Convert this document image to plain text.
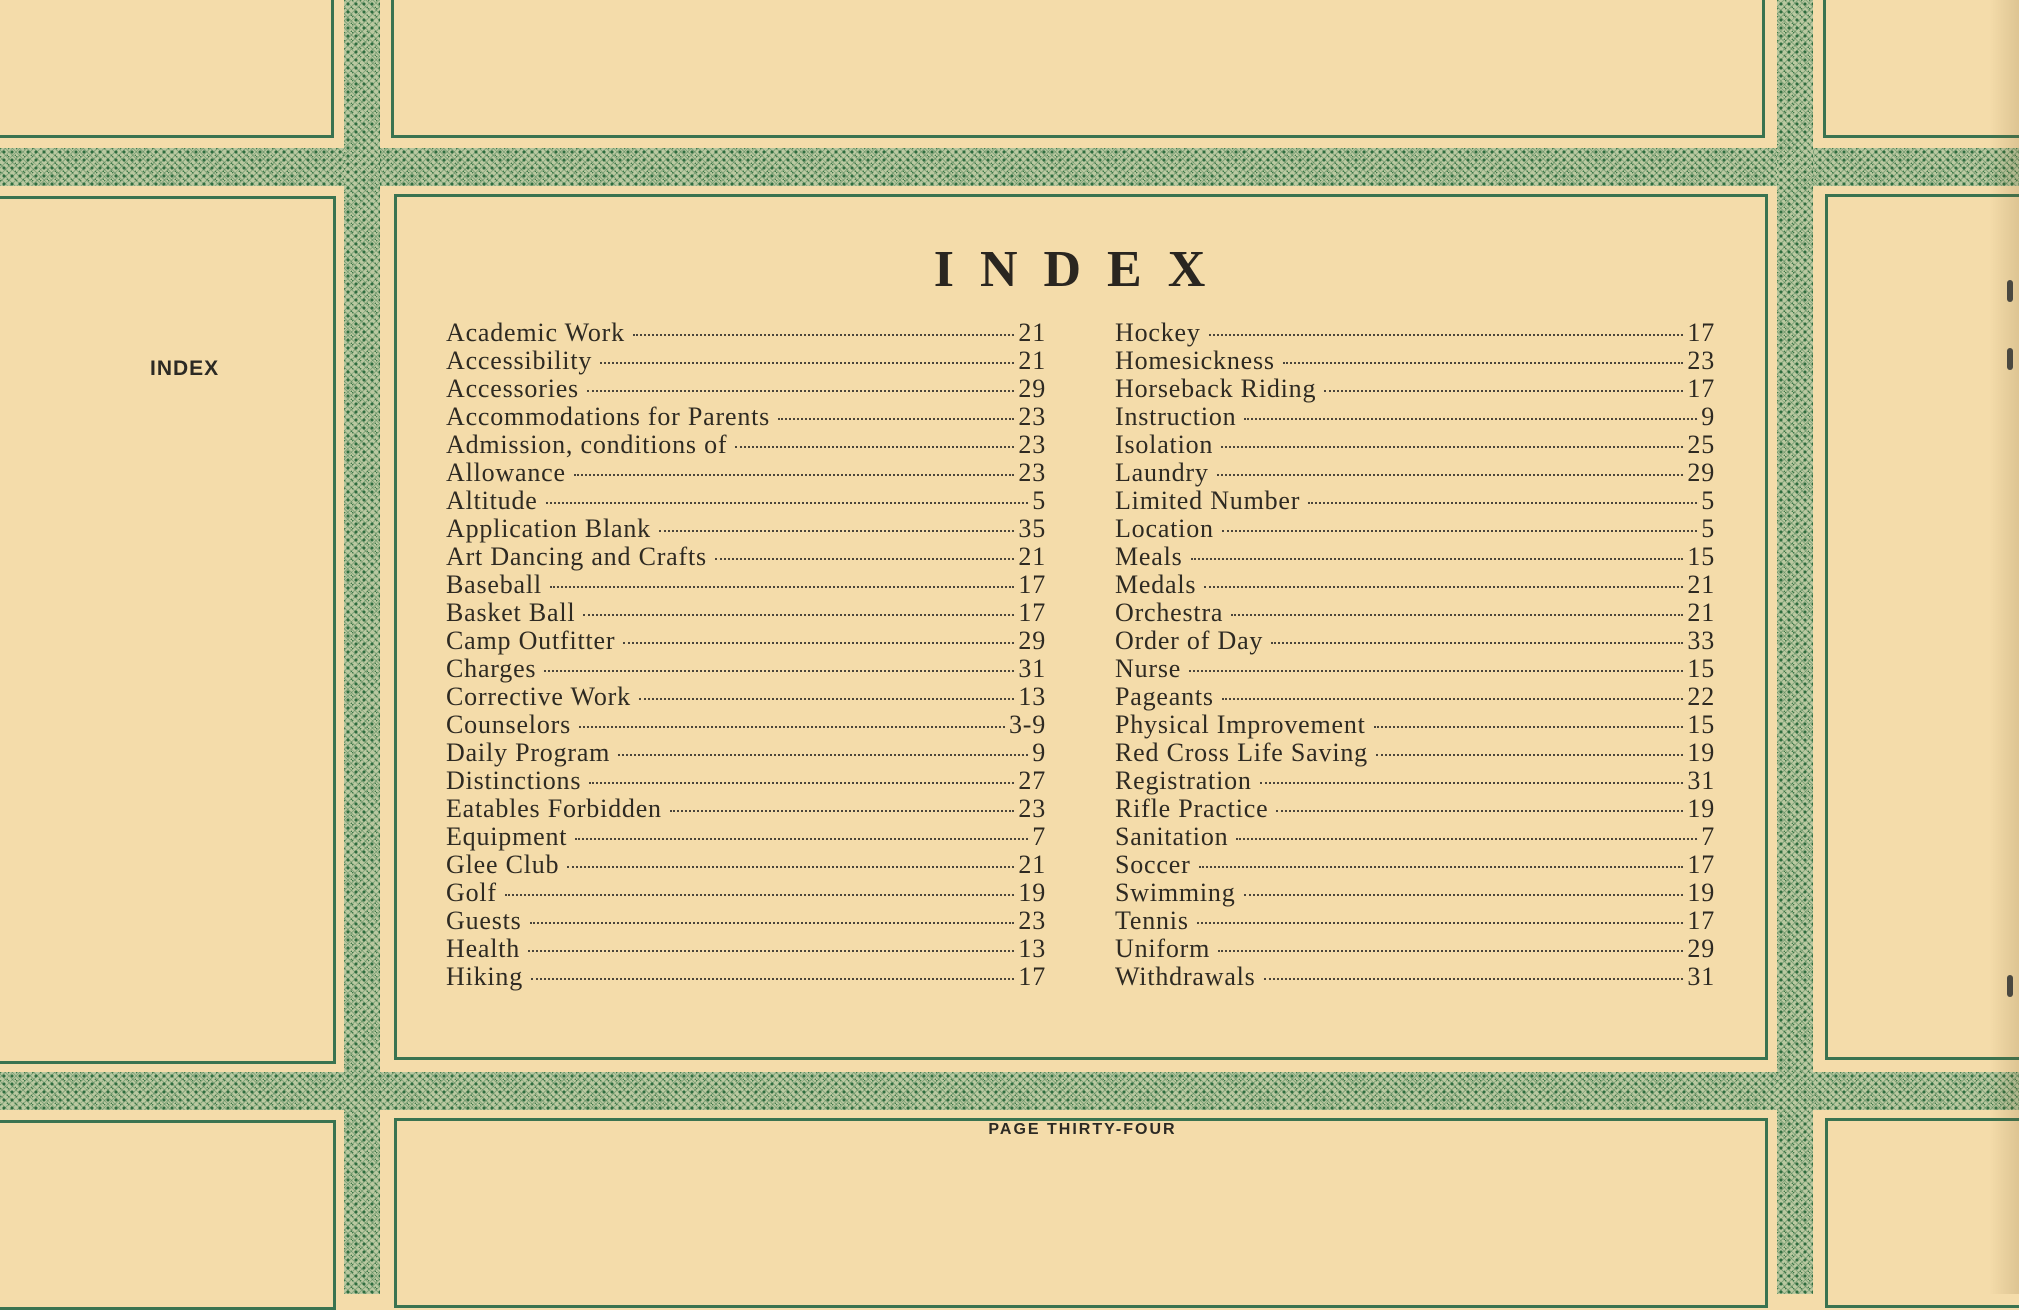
INDEX
INDEX
Academic Work	21
Accessibility	21
Accessories	29
Accommodations for Parents	23
Admission, conditions of	23
Allowance	23
Altitude	5
Application Blank	35
Art Dancing and Crafts	21
Baseball	17
Basket Ball	17
Camp Outfitter	29
Charges	31
Corrective Work	13
Counselors	3-9
Daily Program	9
Distinctions	27
Eatables Forbidden	23
Equipment	7
Glee Club	21
Golf	19
Guests	23
Health	13
Hiking	17
Hockey	17
Homesickness	23
Horseback Riding	17
Instruction	9
Isolation	25
Laundry	29
Limited Number	5
Location	5
Meals	15
Medals	21
Orchestra	21
Order of Day	33
Nurse	15
Pageants	22
Physical Improvement	15
Red Cross Life Saving	19
Registration	31
Rifle Practice	19
Sanitation	7
Soccer	17
Swimming	19
Tennis	17
Uniform	29
Withdrawals	31
PAGE THIRTY-FOUR
